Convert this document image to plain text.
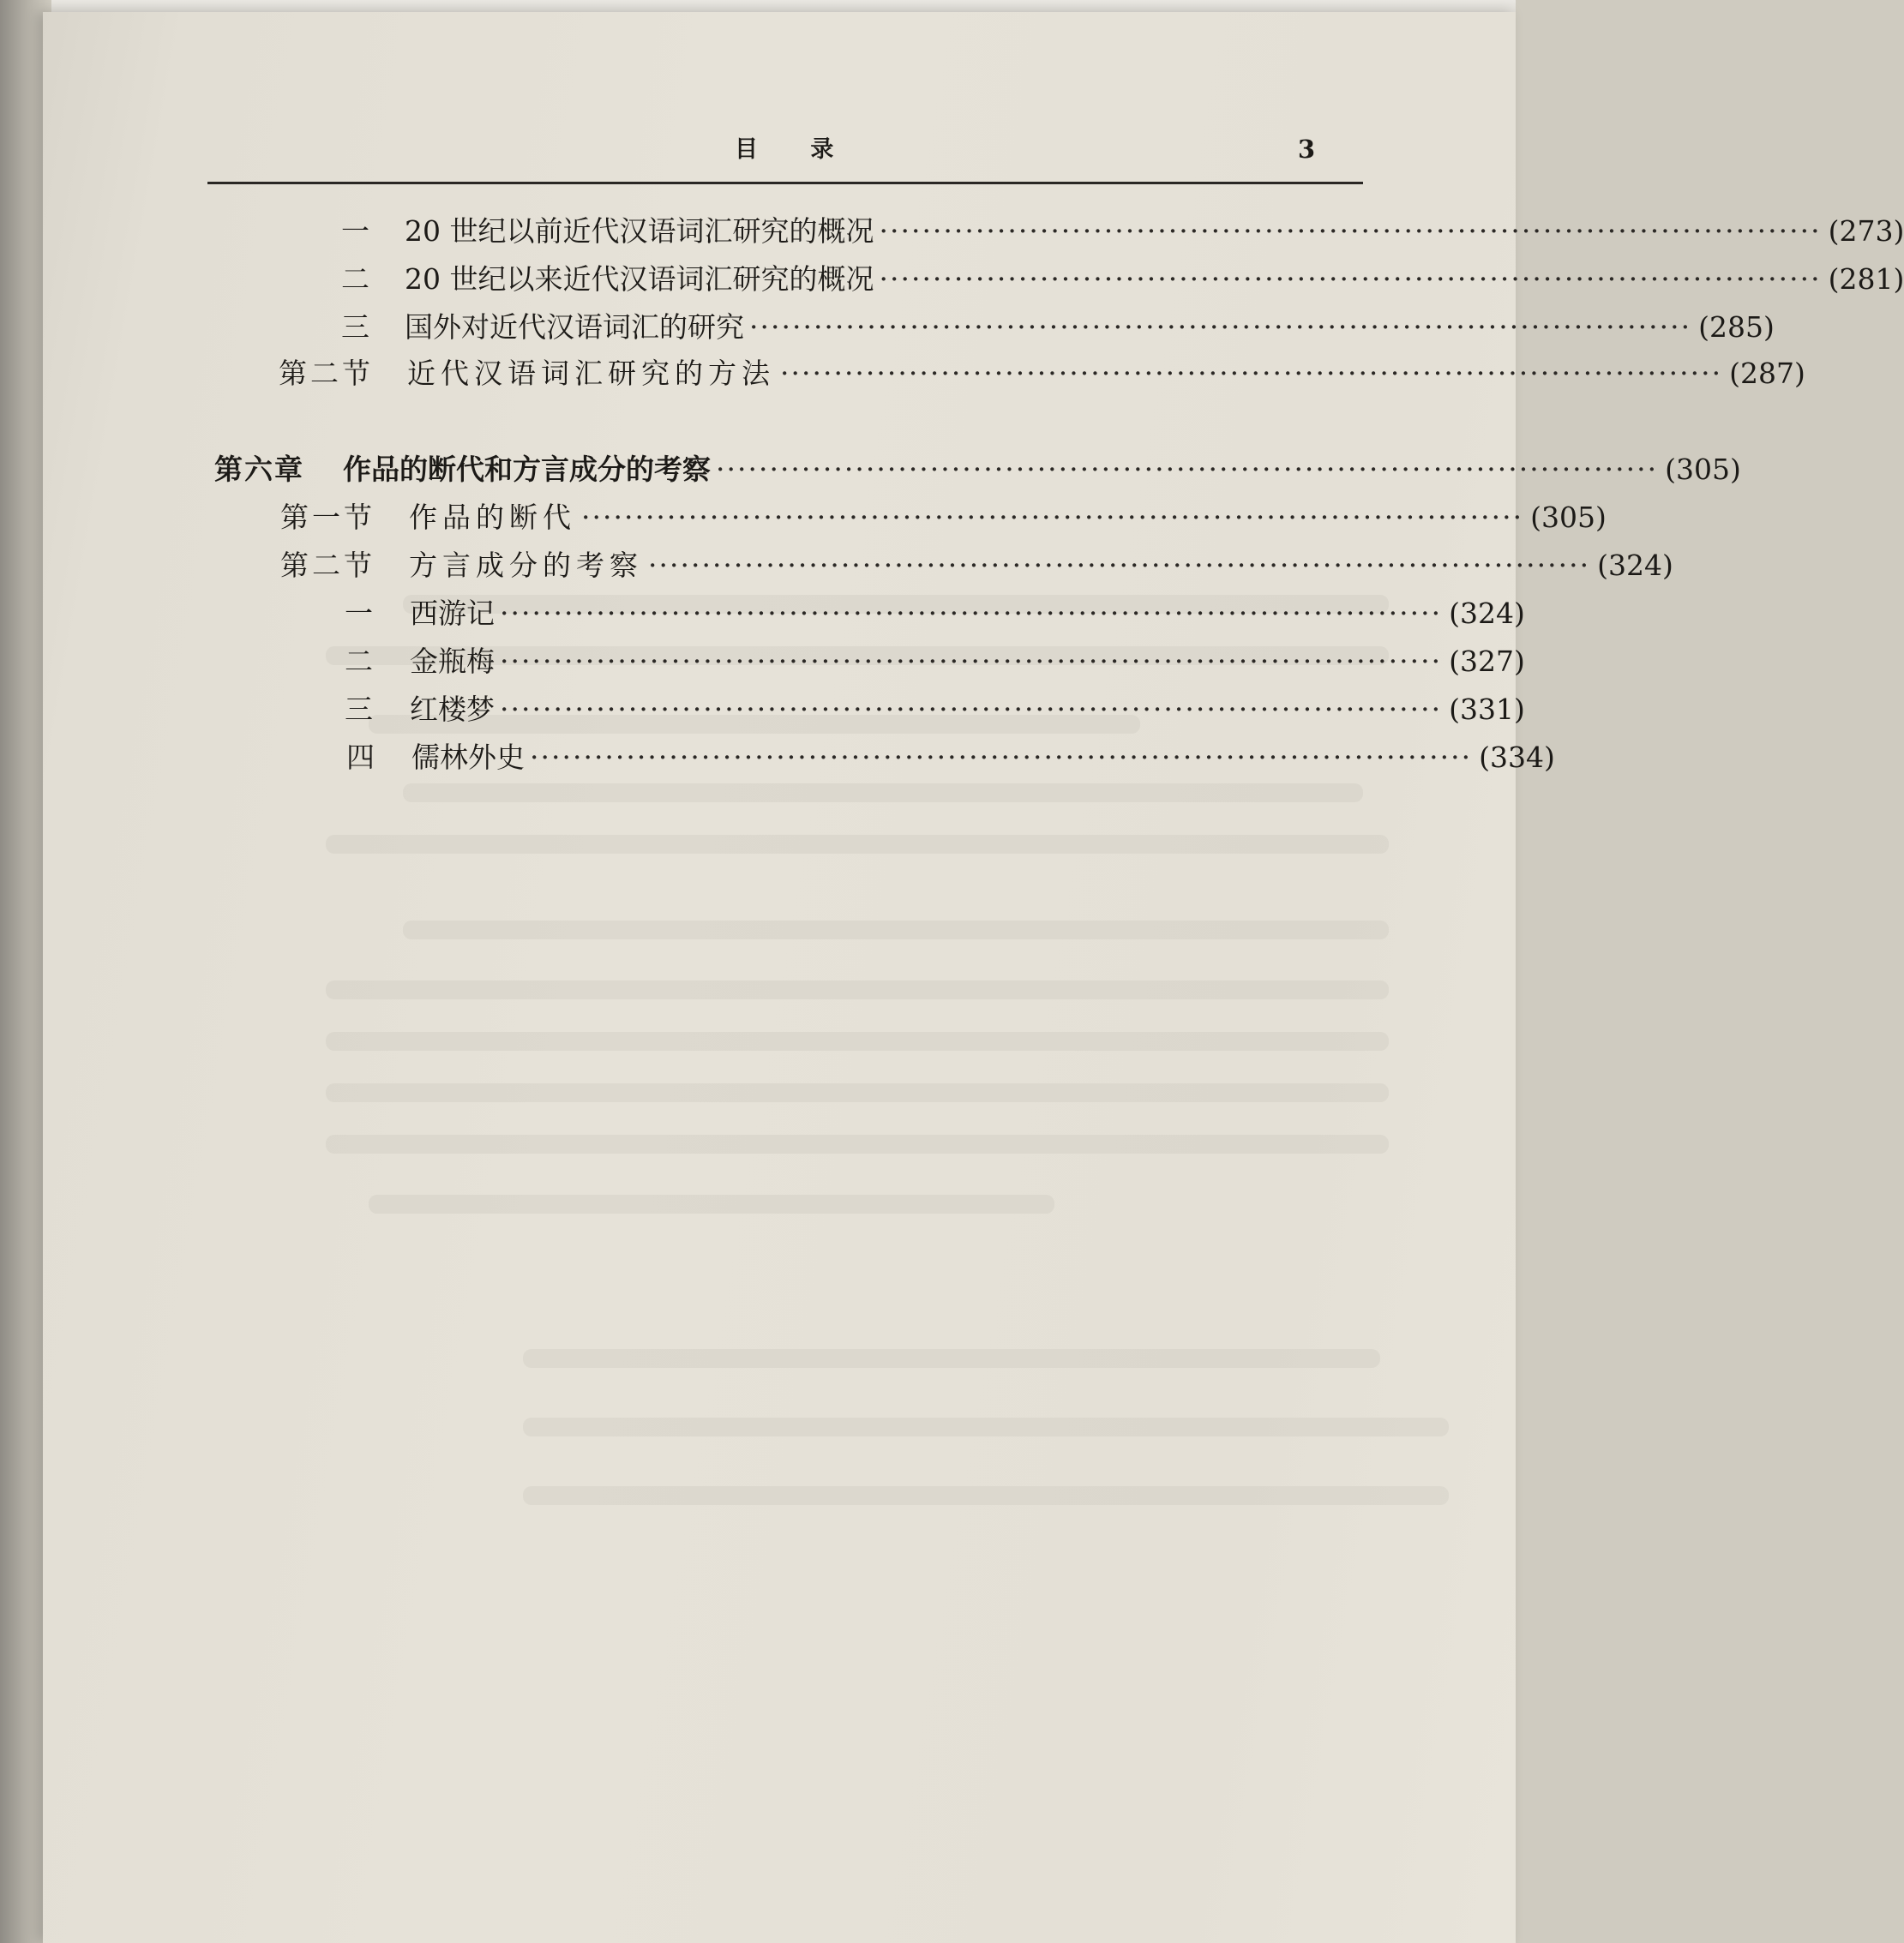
目 录	3
一	20 世纪以前近代汉语词汇研究的概况 ························································································ (273)
二	20 世纪以来近代汉语词汇研究的概况 ························································································ (281)
三	国外对近代汉语词汇的研究 ························································································ (285)
第二节	近代汉语词汇研究的方法 ························································································ (287)
第六章	作品的断代和方言成分的考察 ························································································ (305)
第一节	作品的断代 ························································································ (305)
第二节	方言成分的考察 ························································································ (324)
一	西游记 ························································································ (324)
二	金瓶梅 ························································································ (327)
三	红楼梦 ························································································ (331)
四	儒林外史 ························································································ (334)
